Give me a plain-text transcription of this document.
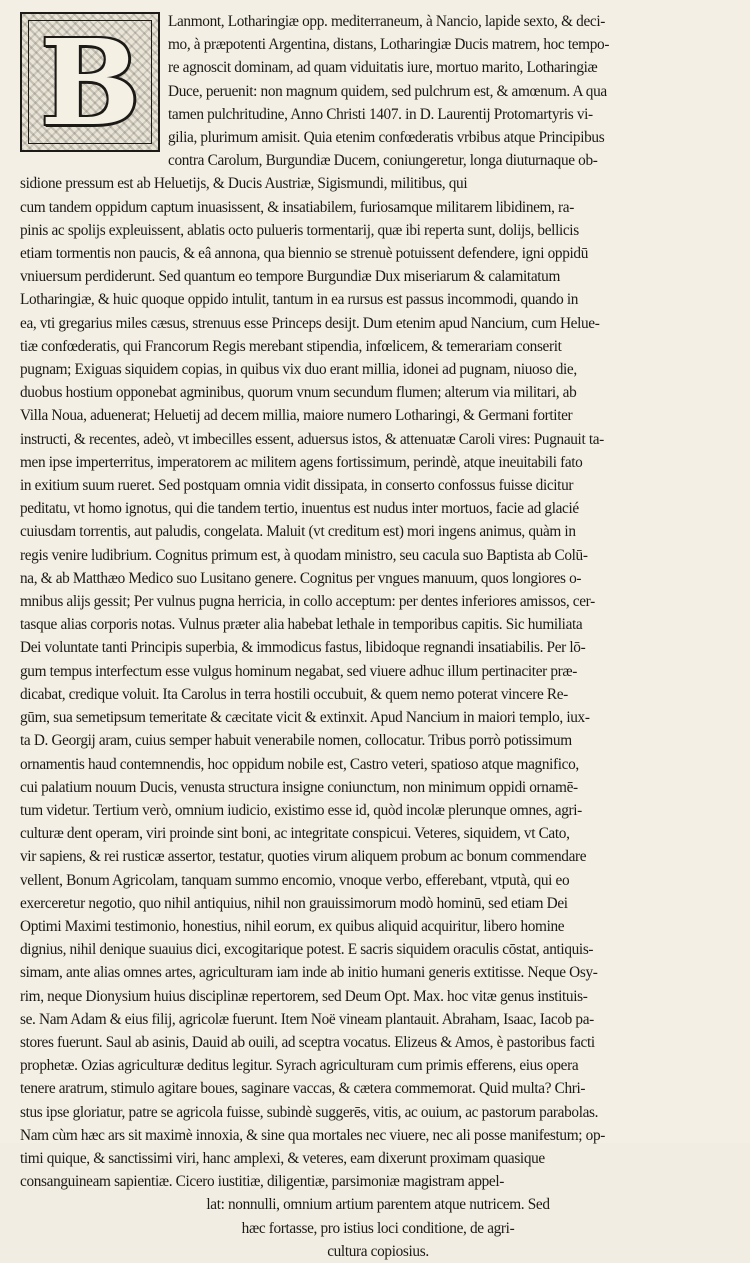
B	Lanmont, Lotharingiæ opp. mediterraneum, à Nancio, lapide sexto, & deci-
mo, à præpotenti Argentina, distans, Lotharingiæ Ducis matrem, hoc tempo-
re agnoscit dominam, ad quam viduitatis iure, mortuo marito, Lotharingiæ
Duce, peruenit: non magnum quidem, sed pulchrum est, & amœnum. A qua
tamen pulchritudine, Anno Christi 1407. in D. Laurentij Protomartyris vi-
gilia, plurimum amisit. Quia etenim confœderatis vrbibus atque Principibus
contra Carolum, Burgundiæ Ducem, coniungeretur, longa diuturnaque ob-
sidione pressum est ab Heluetijs, & Ducis Austriæ, Sigismundi, militibus, qui
cum tandem oppidum captum inuasissent, & insatiabilem, furiosamque militarem libidinem, ra-
pinis ac spolijs expleuissent, ablatis octo pulueris tormentarij, quæ ibi reperta sunt, dolijs, bellicis
etiam tormentis non paucis, & eâ annona, qua biennio se strenuè potuissent defendere, igni oppidū
vniuersum perdiderunt. Sed quantum eo tempore Burgundiæ Dux miseriarum & calamitatum
Lotharingiæ, & huic quoque oppido intulit, tantum in ea rursus est passus incommodi, quando in
ea, vti gregarius miles cæsus, strenuus esse Princeps desijt. Dum etenim apud Nancium, cum Helue-
tiæ confœderatis, qui Francorum Regis merebant stipendia, infœlicem, & temerariam conserit
pugnam; Exiguas siquidem copias, in quibus vix duo erant millia, idonei ad pugnam, niuoso die,
duobus hostium opponebat agminibus, quorum vnum secundum flumen; alterum via militari, ab
Villa Noua, aduenerat; Heluetij ad decem millia, maiore numero Lotharingi, & Germani fortiter
instructi, & recentes, adeò, vt imbecilles essent, aduersus istos, & attenuatæ Caroli vires: Pugnauit ta-
men ipse imperterritus, imperatorem ac militem agens fortissimum, perindè, atque ineuitabili fato
in exitium suum rueret. Sed postquam omnia vidit dissipata, in conserto confossus fuisse dicitur
peditatu, vt homo ignotus, qui die tandem tertio, inuentus est nudus inter mortuos, facie ad glacié
cuiusdam torrentis, aut paludis, congelata. Maluit (vt creditum est) mori ingens animus, quàm in
regis venire ludibrium. Cognitus primum est, à quodam ministro, seu cacula suo Baptista ab Colū-
na, & ab Matthæo Medico suo Lusitano genere. Cognitus per vngues manuum, quos longiores o-
mnibus alijs gessit; Per vulnus pugna herricia, in collo acceptum: per dentes inferiores amissos, cer-
tasque alias corporis notas. Vulnus præter alia habebat lethale in temporibus capitis. Sic humiliata
Dei voluntate tanti Principis superbia, & immodicus fastus, libidoque regnandi insatiabilis. Per lō-
gum tempus interfectum esse vulgus hominum negabat, sed viuere adhuc illum pertinaciter præ-
dicabat, credique voluit. Ita Carolus in terra hostili occubuit, & quem nemo poterat vincere Re-
gūm, sua semetipsum temeritate & cæcitate vicit & extinxit. Apud Nancium in maiori templo, iux-
ta D. Georgij aram, cuius semper habuit venerabile nomen, collocatur. Tribus porrò potissimum
ornamentis haud contemnendis, hoc oppidum nobile est, Castro veteri, spatioso atque magnifico,
cui palatium nouum Ducis, venusta structura insigne coniunctum, non minimum oppidi ornamē-
tum videtur. Tertium verò, omnium iudicio, existimo esse id, quòd incolæ plerunque omnes, agri-
culturæ dent operam, viri proinde sint boni, ac integritate conspicui. Veteres, siquidem, vt Cato,
vir sapiens, & rei rusticæ assertor, testatur, quoties virum aliquem probum ac bonum commendare
vellent, Bonum Agricolam, tanquam summo encomio, vnoque verbo, efferebant, vtputà, qui eo
exerceretur negotio, quo nihil antiquius, nihil non grauissimorum modò hominū, sed etiam Dei
Optimi Maximi testimonio, honestius, nihil eorum, ex quibus aliquid acquiritur, libero homine
dignius, nihil denique suauius dici, excogitarique potest. E sacris siquidem oraculis cōstat, antiquis-
simam, ante alias omnes artes, agriculturam iam inde ab initio humani generis extitisse. Neque Osy-
rim, neque Dionysium huius disciplinæ repertorem, sed Deum Opt. Max. hoc vitæ genus instituis-
se. Nam Adam & eius filij, agricolæ fuerunt. Item Noë vineam plantauit. Abraham, Isaac, Iacob pa-
stores fuerunt. Saul ab asinis, Dauid ab ouili, ad sceptra vocatus. Elizeus & Amos, è pastoribus facti
prophetæ. Ozias agriculturæ deditus legitur. Syrach agriculturam cum primis efferens, eius opera
tenere aratrum, stimulo agitare boues, saginare vaccas, & cætera commemorat. Quid multa? Chri-
stus ipse gloriatur, patre se agricola fuisse, subindè suggerēs, vitis, ac ouium, ac pastorum parabolas.
Nam cùm hæc ars sit maximè innoxia, & sine qua mortales nec viuere, nec ali posse manifestum; op-
timi quique, & sanctissimi viri, hanc amplexi, & veteres, eam dixerunt proximam quasique
consanguineam sapientiæ. Cicero iustitiæ, diligentiæ, parsimoniæ magistram appel-
lat: nonnulli, omnium artium parentem atque nutricem. Sed
hæc fortasse, pro istius loci conditione, de agri-
cultura copiosius.
